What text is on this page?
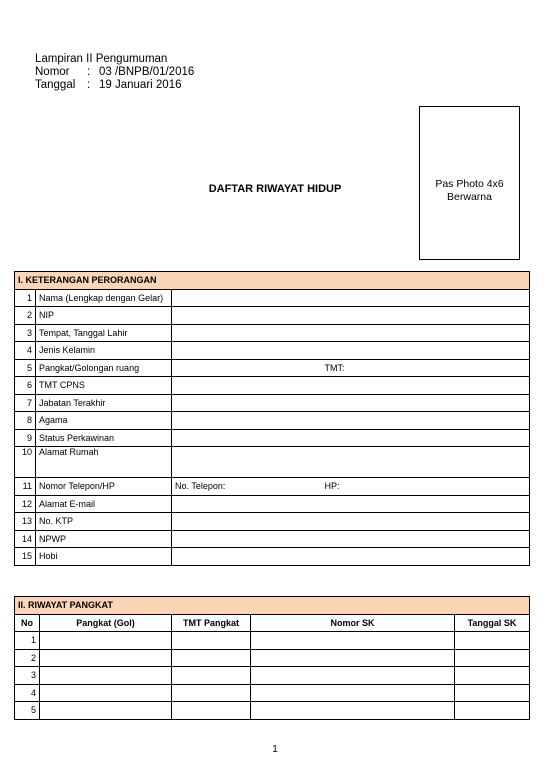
Lampiran II Pengumuman
Nomor	: 03 /BNPB/01/2016
Tanggal	: 19 Januari 2016
Pas Photo 4x6
Berwarna
DAFTAR RIWAYAT HIDUP
I. KETERANGAN PERORANGAN			
1	Nama (Lengkap dengan Gelar)		
2	NIP		
3	Tempat, Tanggal Lahir		
4	Jenis Kelamin		
5	Pangkat/Golongan ruang		TMT:
6	TMT CPNS		
7	Jabatan Terakhir		
8	Agama		
9	Status Perkawinan		
10	Alamat Rumah		
11	Nomor Telepon/HP	No. Telepon:	HP:
12	Alamat E-mail		
13	No. KTP		
14	NPWP		
15	Hobi		
II. RIWAYAT PANGKAT				
No	Pangkat (Gol)	TMT Pangkat	Nomor SK	Tanggal SK
1				
2				
3				
4				
5				
1
